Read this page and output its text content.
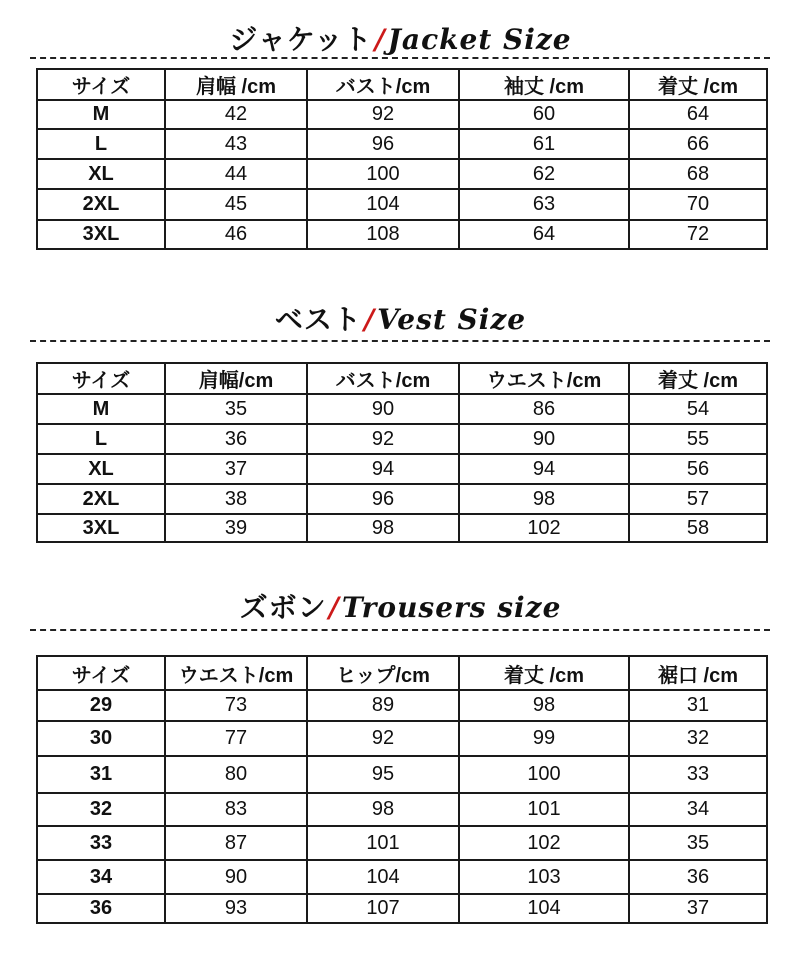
ジャケット/Jacket Size
サイズ	肩幅 /cm	バスト/cm	袖丈 /cm	着丈 /cm
M	42	92	60	64
L	43	96	61	66
XL	44	100	62	68
2XL	45	104	63	70
3XL	46	108	64	72
ベスト/Vest Size
サイズ	肩幅/cm	バスト/cm	ウエスト/cm	着丈 /cm
M	35	90	86	54
L	36	92	90	55
XL	37	94	94	56
2XL	38	96	98	57
3XL	39	98	102	58
ズボン/Trousers size
サイズ	ウエスト/cm	ヒップ/cm	着丈 /cm	裾口 /cm
29	73	89	98	31
30	77	92	99	32
31	80	95	100	33
32	83	98	101	34
33	87	101	102	35
34	90	104	103	36
36	93	107	104	37
